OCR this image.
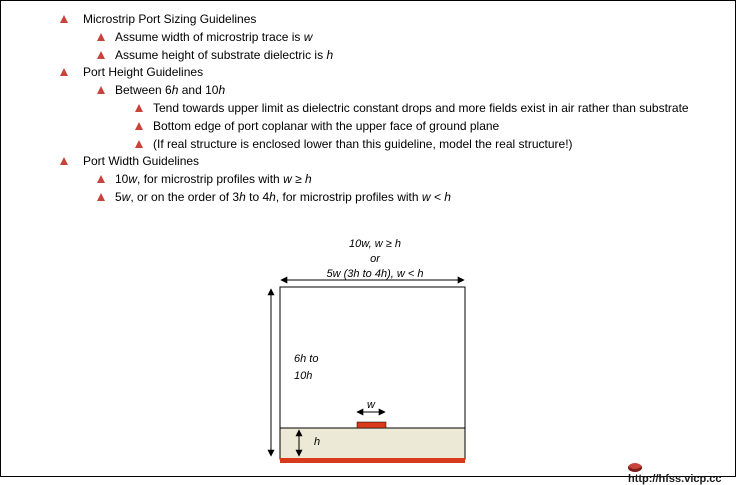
Microstrip Port Sizing Guidelines
Assume width of microstrip trace is w
Assume height of substrate dielectric is h
Port Height Guidelines
Between 6h and 10h
Tend towards upper limit as dielectric constant drops and more fields exist in air rather than substrate
Bottom edge of port coplanar with the upper face of ground plane
(If real structure is enclosed lower than this guideline, model the real structure!)
Port Width Guidelines
10w, for microstrip profiles with w ≥ h
5w, or on the order of 3h to 4h, for microstrip profiles with w < h
10w, w ≥ h
or
5w (3h to 4h), w < h
6h to
10h
w
h
http://hfss.vicp.cc
